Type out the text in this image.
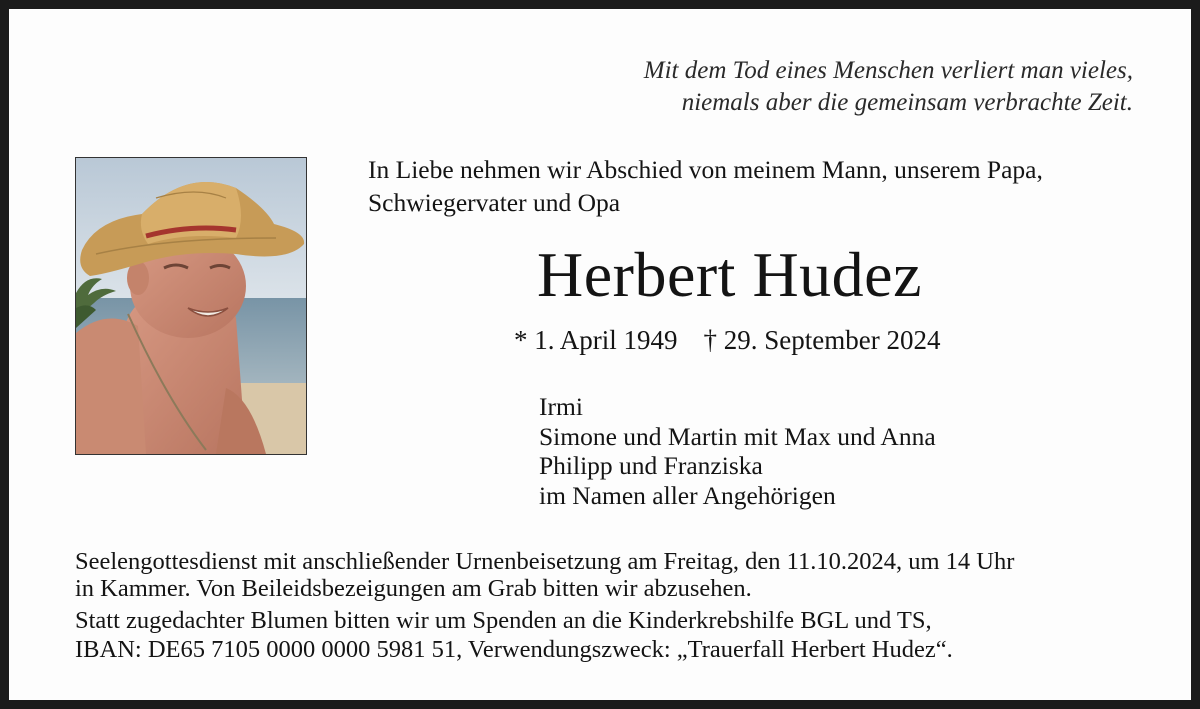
Mit dem Tod eines Menschen verliert man vieles,
niemals aber die gemeinsam verbrachte Zeit.
In Liebe nehmen wir Abschied von meinem Mann, unserem Papa,
Schwiegervater und Opa
Herbert Hudez
* 1. April 1949 † 29. September 2024
Irmi
Simone und Martin mit Max und Anna
Philipp und Franziska
im Namen aller Angehörigen
Seelengottesdienst mit anschließender Urnenbeisetzung am Freitag, den 11.10.2024, um 14 Uhr
in Kammer. Von Beileidsbezeigungen am Grab bitten wir abzusehen.
Statt zugedachter Blumen bitten wir um Spenden an die Kinderkrebshilfe BGL und TS,
IBAN: DE65 7105 0000 0000 5981 51, Verwendungszweck: „Trauerfall Herbert Hudez“.
